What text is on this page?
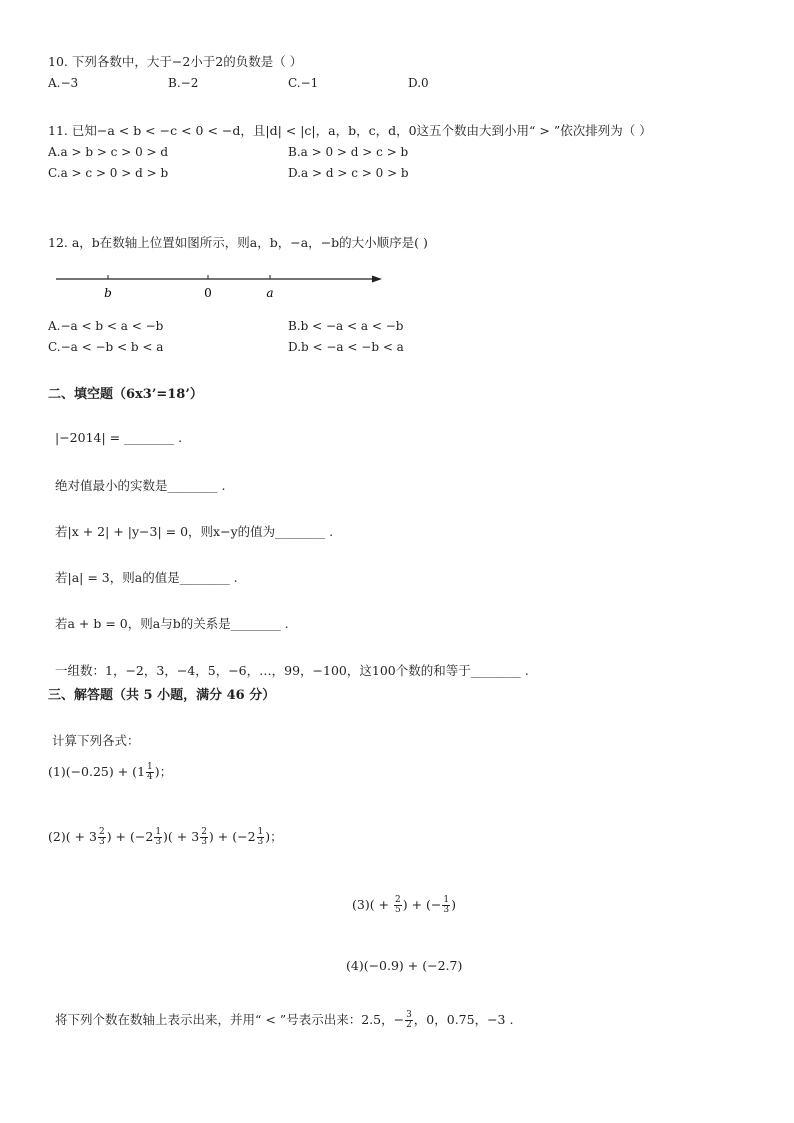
10. 下列各数中，大于−2小于2的负数是（ ）
A.−3	B.−2	C.−1	D.0
11. 已知−a < b < −c < 0 < −d，且|d| < |c|，a，b，c，d，0这五个数由大到小用“ > ”依次排列为（ ）
A.a > b > c > 0 > d	B.a > 0 > d > c > b
C.a > c > 0 > d > b	D.a > d > c > 0 > b
12. a，b在数轴上位置如图所示，则a，b，−a，−b的大小顺序是( )
b	0	a
A.−a < b < a < −b	B.b < −a < a < −b
C.−a < −b < b < a	D.b < −a < −b < a
二、填空题（6x3’=18’）
|−2014| = ________ .
绝对值最小的实数是________ .
若|x + 2| + |y−3| = 0，则x−y的值为________ .
若|a| = 3，则a的值是________ .
若a + b = 0，则a与b的关系是________ .
一组数：1，−2，3，−4，5，−6，…，99，−100，这100个数的和等于________ .
三、解答题（共 5 小题，满分 46 分）
计算下列各式：
$(1)(-0.25) + (1 \frac{1}{4}$ )；
$(2)( + 3 \frac{2}{3}$ ) + ($-2 \frac{1}{3}$ )( + $3 \frac{2}{3}$ ) + ($-2 \frac{1}{3}$ )；
$(3)( + \frac{2}{5}$ ) + (− $\frac{1}{3}$ )
(4)(−0.9) + (−2.7)
将下列个数在数轴上表示出来，并用“ < ”号表示出来：2.5，− $\frac{3}{2}$ ，0，0.75，−3 .
